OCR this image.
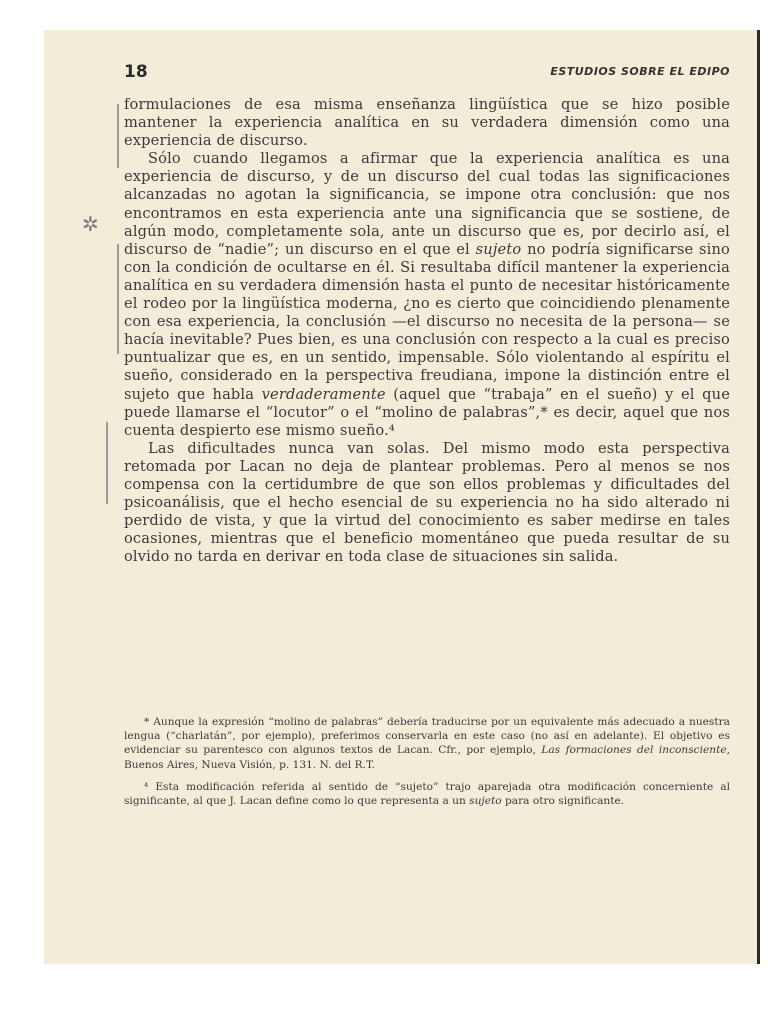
18	ESTUDIOS SOBRE EL EDIPO
✲

formulaciones de esa misma enseñanza lingüística que se hizo posible mantener la experiencia analítica en su verdadera dimensión como una experiencia de discurso.

Sólo cuando llegamos a afirmar que la experiencia analítica es una experiencia de discurso, y de un discurso del cual todas las significaciones alcanzadas no agotan la significancia, se impone otra conclusión: que nos encontramos en esta experiencia ante una significancia que se sostiene, de algún modo, completamente sola, ante un discurso que es, por decirlo así, el discurso de “nadie”; un discurso en el que el sujeto no podría significarse sino con la condición de ocultarse en él. Si resultaba difícil mantener la experiencia analítica en su verdadera dimensión hasta el punto de necesitar históricamente el rodeo por la lingüística moderna, ¿no es cierto que coincidiendo plenamente con esa experiencia, la conclusión —el discurso no necesita de la persona— se hacía inevitable? Pues bien, es una conclusión con respecto a la cual es preciso puntualizar que es, en un sentido, impensable. Sólo violentando al espíritu el sueño, considerado en la perspectiva freudiana, impone la distinción entre el sujeto que habla verdaderamente (aquel que “trabaja” en el sueño) y el que puede llamarse el “locutor” o el “molino de palabras”,* es decir, aquel que nos cuenta despierto ese mismo sueño.⁴

Las dificultades nunca van solas. Del mismo modo esta perspectiva retomada por Lacan no deja de plantear problemas. Pero al menos se nos compensa con la certidumbre de que son ellos problemas y dificultades del psicoanálisis, que el hecho esencial de su experiencia no ha sido alterado ni perdido de vista, y que la virtud del conocimiento es saber medirse en tales ocasiones, mientras que el beneficio momentáneo que pueda resultar de su olvido no tarda en derivar en toda clase de situaciones sin salida.

* Aunque la expresión “molino de palabras” debería traducirse por un equivalente más adecuado a nuestra lengua (“charlatán”, por ejemplo), preferimos conservarla en este caso (no así en adelante). El objetivo es evidenciar su parentesco con algunos textos de Lacan. Cfr., por ejemplo, Las formaciones del inconsciente, Buenos Aires, Nueva Visión, p. 131. N. del R.T.

⁴ Esta modificación referida al sentido de “sujeto” trajo aparejada otra modificación concerniente al significante, al que J. Lacan define como lo que representa a un sujeto para otro significante.
